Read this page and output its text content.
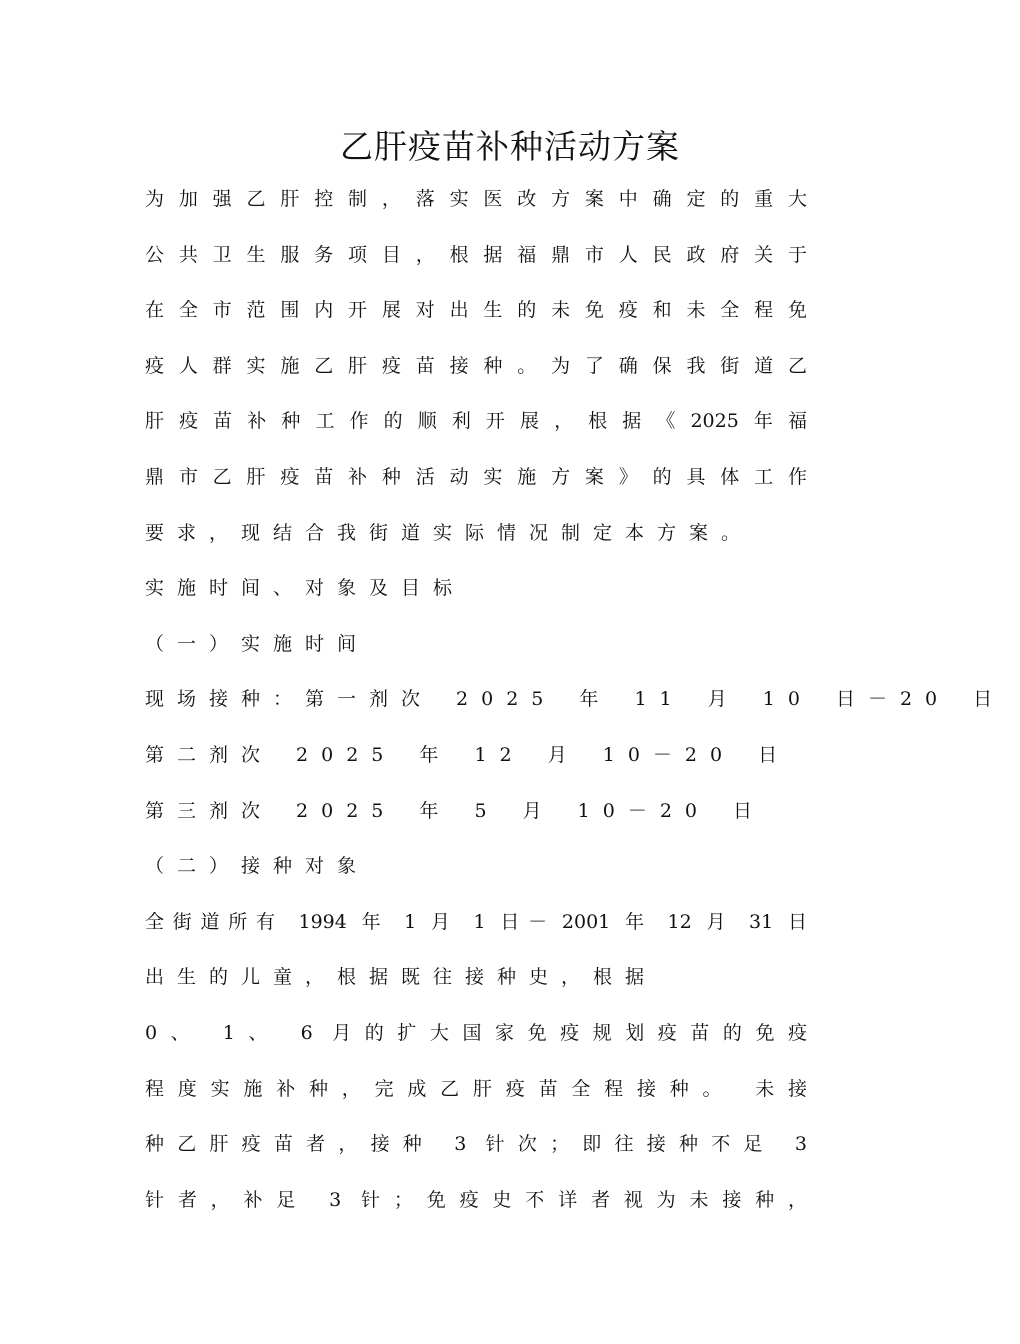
乙肝疫苗补种活动方案
为加强乙肝控制，落实医改方案中确定的重大
公共卫生服务项目，根据福鼎市人民政府关于
在全市范围内开展对出生的未免疫和未全程免
疫人群实施乙肝疫苗接种。为了确保我街道乙
肝疫苗补种工作的顺利开展，根据《2025年福
鼎市乙肝疫苗补种活动实施方案》的具体工作
要求，现结合我街道实际情况制定本方案。
实施时间、对象及目标
（一）实施时间
现场接种：第一剂次 2025 年 11 月 10 日－20 日
第二剂次 2025 年 12 月 10－20 日
第三剂次 2025 年 5 月 10－20 日
（二）接种对象
全街道所有 1994 年 1 月 1 日－ 2001 年 12 月 31 日
出生的儿童，根据既往接种史，根据
0、 1、 6 月的扩大国家免疫规划疫苗的免疫
程度实施补种，完成乙肝疫苗全程接种。 未接
种乙肝疫苗者，接种 3 针次；即往接种不足 3
针者，补足 3 针；免疫史不详者视为未接种，
